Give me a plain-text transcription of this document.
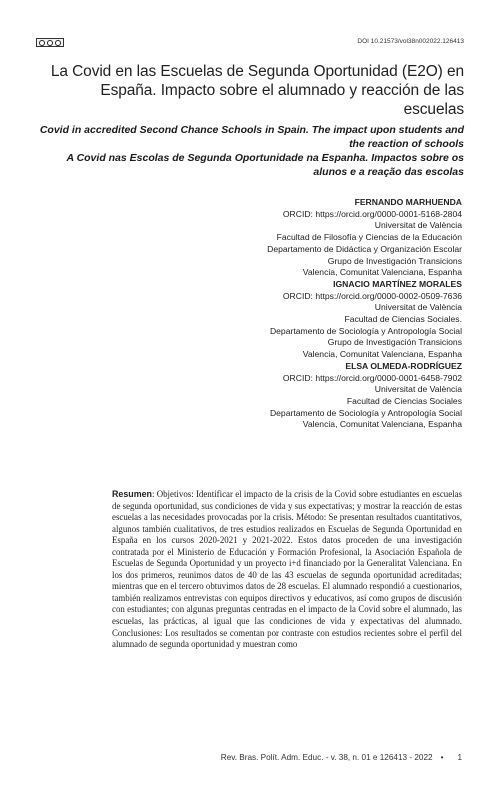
DOI 10.21573/vol38n002022.126413
La Covid en las Escuelas de Segunda Oportunidad (E2O) en España. Impacto sobre el alumnado y reacción de las escuelas
Covid in accredited Second Chance Schools in Spain. The impact upon students and the reaction of schools
A Covid nas Escolas de Segunda Oportunidade na Espanha. Impactos sobre os alunos e a reação das escolas
FERNANDO MARHUENDA
ORCID: https://orcid.org/0000-0001-5168-2804
Universitat de València
Facultad de Filosofía y Ciencias de la Educación
Departamento de Didáctica y Organización Escolar
Grupo de Investigación Transicions
Valencia, Comunitat Valenciana, Espanha
IGNACIO MARTÍNEZ MORALES
ORCID: https://orcid.org/0000-0002-0509-7636
Universitat de València
Facultad de Ciencias Sociales.
Departamento de Sociología y Antropología Social
Grupo de Investigación Transicions
Valencia, Comunitat Valenciana, Espanha
ELSA OLMEDA-RODRÍGUEZ
ORCID: https://orcid.org/0000-0001-6458-7902
Universitat de València
Facultad de Ciencias Sociales
Departamento de Sociología y Antropología Social
Valencia, Comunitat Valenciana, Espanha
Resumen: Objetivos: Identificar el impacto de la crisis de la Covid sobre estudiantes en escuelas de segunda oportunidad, sus condiciones de vida y sus expectativas; y mostrar la reacción de estas escuelas a las necesidades provocadas por la crisis. Método: Se presentan resultados cuantitativos, algunos también cualitativos, de tres estudios realizados en Escuelas de Segunda Oportunidad en España en los cursos 2020-2021 y 2021-2022. Estos datos proceden de una investigación contratada por el Ministerio de Educación y Formación Profesional, la Asociación Española de Escuelas de Segunda Oportunidad y un proyecto i+d financiado por la Generalitat Valenciana. En los dos primeros, reunimos datos de 40 de las 43 escuelas de segunda oportunidad acreditadas; mientras que en el tercero obtuvimos datos de 28 escuelas. El alumnado respondió a cuestionarios, también realizamos entrevistas con equipos directivos y educativos, así como grupos de discusión con estudiantes; con algunas preguntas centradas en el impacto de la Covid sobre el alumnado, las escuelas, las prácticas, al igual que las condiciones de vida y expectativas del alumnado. Conclusiones: Los resultados se comentan por contraste con estudios recientes sobre el perfil del alumnado de segunda oportunidad y muestran como
Rev. Bras. Polít. Adm. Educ. - v. 38, n. 01 e 126413 - 2022 • 1
